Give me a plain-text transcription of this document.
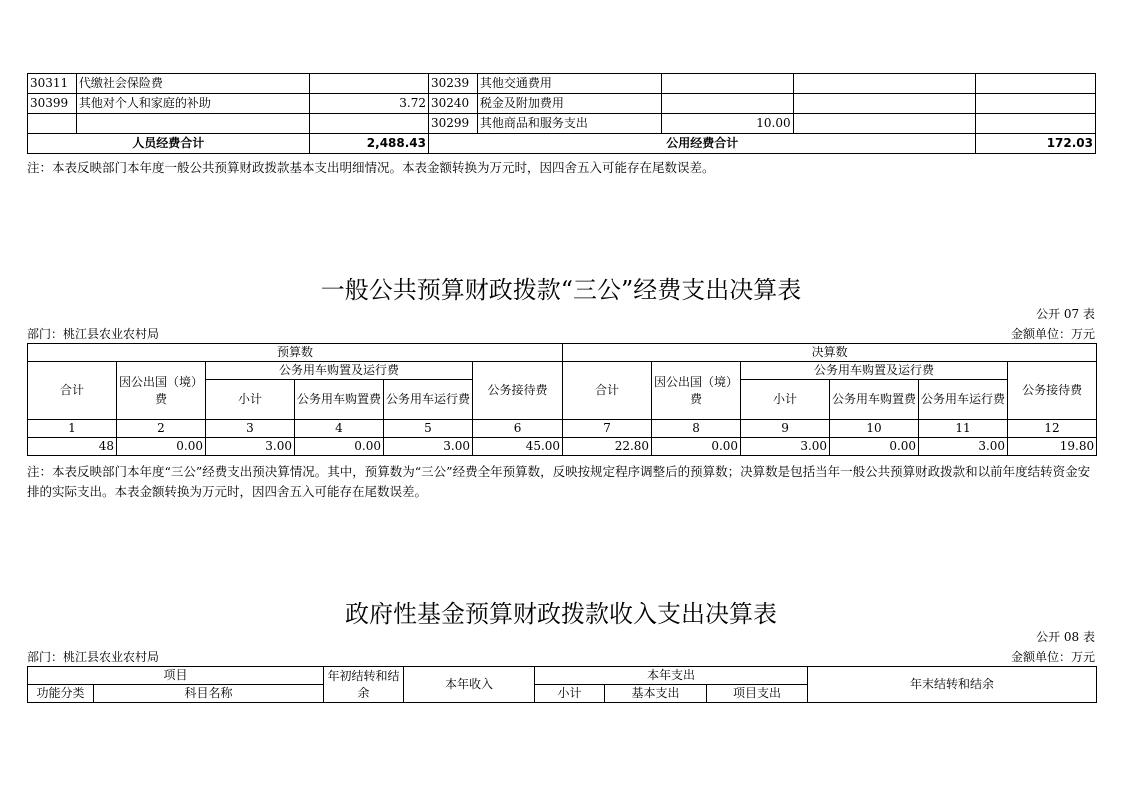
30311	代缴社会保险费		30239	其他交通费用			
30399	其他对个人和家庭的补助	3.72	30240	税金及附加费用			
			30299	其他商品和服务支出	10.00		
人员经费合计		2,488.43	公用经费合计				172.03
注：本表反映部门本年度一般公共预算财政拨款基本支出明细情况。本表金额转换为万元时，因四舍五入可能存在尾数误差。
一般公共预算财政拨款“三公”经费支出决算表
公开 07 表
部门：桃江县农业农村局	金额单位：万元
预算数						决算数					
合计	因公出国（境）费	公务用车购置及运行费			公务接待费	合计	因公出国（境）费	公务用车购置及运行费			公务接待费
		小计	公务用车购置费	公务用车运行费				小计	公务用车购置费	公务用车运行费	
1	2	3	4	5	6	7	8	9	10	11	12
48	0.00	3.00	0.00	3.00	45.00	22.80	0.00	3.00	0.00	3.00	19.80
注：本表反映部门本年度“三公”经费支出预决算情况。其中，预算数为“三公”经费全年预算数，反映按规定程序调整后的预算数；决算数是包括当年一般公共预算财政拨款和以前年度结转资金安排的实际支出。本表金额转换为万元时，因四舍五入可能存在尾数误差。
政府性基金预算财政拨款收入支出决算表
公开 08 表
部门：桃江县农业农村局	金额单位：万元
项目		年初结转和结余	本年收入	本年支出			年末结转和结余
功能分类	科目名称			小计	基本支出	项目支出	
